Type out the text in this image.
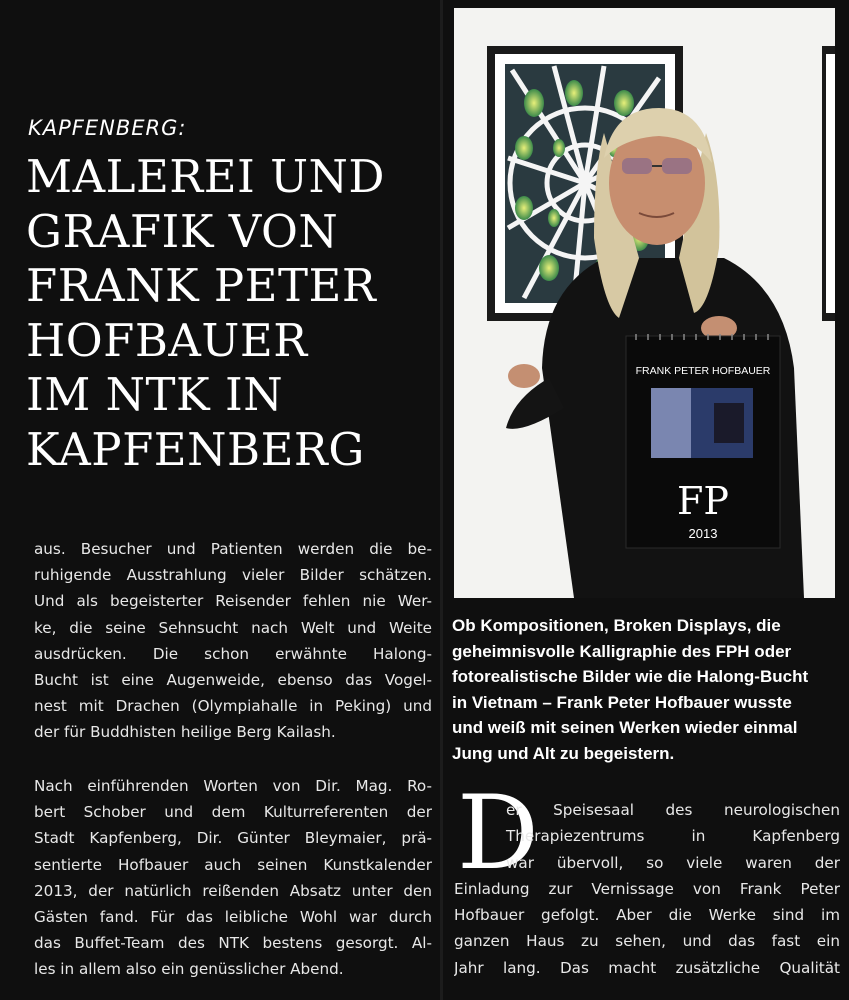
KAPFENBERG:
MALEREI UND
GRAFIK VON
FRANK PETER
HOFBAUER
IM NTK IN
KAPFENBERG
aus. Besucher und Patienten werden die be-
ruhigende Ausstrahlung vieler Bilder schätzen.
Und als begeisterter Reisender fehlen nie Wer-
ke, die seine Sehnsucht nach Welt und Weite
ausdrücken. Die schon erwähnte Halong-
Bucht ist eine Augenweide, ebenso das Vogel-
nest mit Drachen (Olympiahalle in Peking) und
der für Buddhisten heilige Berg Kailash.
Nach einführenden Worten von Dir. Mag. Ro-
bert Schober und dem Kulturreferenten der
Stadt Kapfenberg, Dir. Günter Bleymaier, prä-
sentierte Hofbauer auch seinen Kunstkalender
2013, der natürlich reißenden Absatz unter den
Gästen fand. Für das leibliche Wohl war durch
das Buffet-Team des NTK bestens gesorgt. Al-
les in allem also ein genüsslicher Abend.
FRANK PETER HOFBAUER
FP
2013
Ob Kompositionen, Broken Displays, die
geheimnisvolle Kalligraphie des FPH oder
fotorealistische Bilder wie die Halong-Bucht
in Vietnam – Frank Peter Hofbauer wusste
und weiß mit seinen Werken wieder einmal
Jung und Alt zu begeistern.
D
er Speisesaal des neurologischen
Therapiezentrums in Kapfenberg
war übervoll, so viele waren der
Einladung zur Vernissage von Frank Peter
Hofbauer gefolgt. Aber die Werke sind im
ganzen Haus zu sehen, und das fast ein
Jahr lang. Das macht zusätzliche Qualität
